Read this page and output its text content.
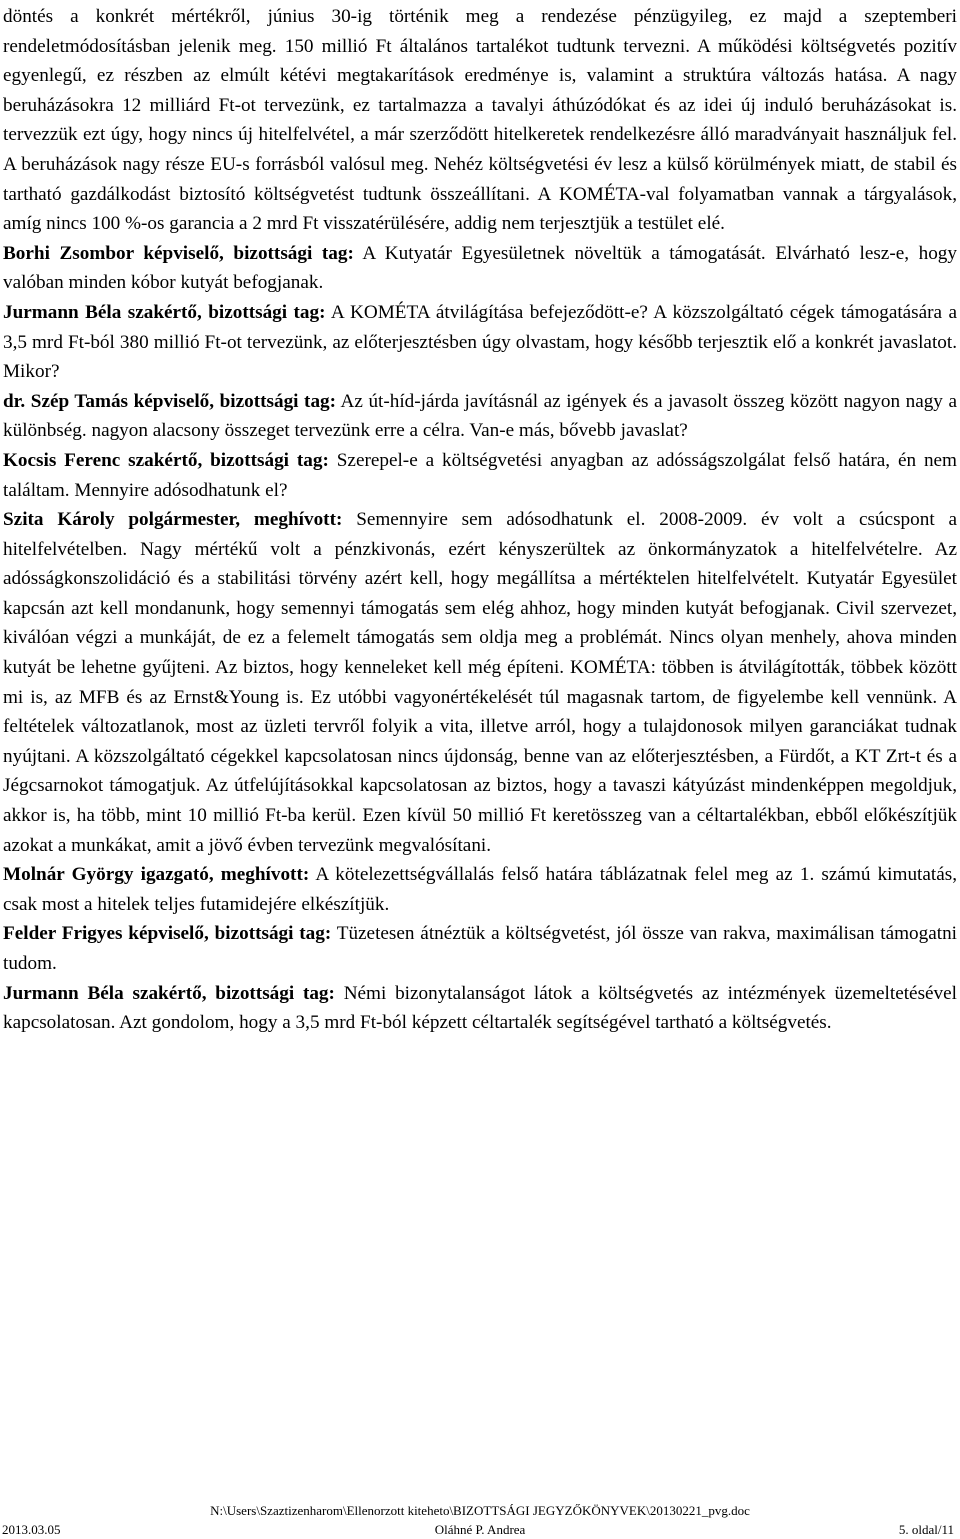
döntés a konkrét mértékről, június 30-ig történik meg a rendezése pénzügyileg, ez majd a szeptemberi rendeletmódosításban jelenik meg. 150 millió Ft általános tartalékot tudtunk tervezni. A működési költségvetés pozitív egyenlegű, ez részben az elmúlt kétévi megtakarítások eredménye is, valamint a struktúra változás hatása. A nagy beruházásokra 12 milliárd Ft-ot tervezünk, ez tartalmazza a tavalyi áthúzódókat és az idei új induló beruházásokat is. tervezzük ezt úgy, hogy nincs új hitelfelvétel, a már szerződött hitelkeretek rendelkezésre álló maradványait használjuk fel. A beruházások nagy része EU-s forrásból valósul meg. Nehéz költségvetési év lesz a külső körülmények miatt, de stabil és tartható gazdálkodást biztosító költségvetést tudtunk összeállítani. A KOMÉTA-val folyamatban vannak a tárgyalások, amíg nincs 100 %-os garancia a 2 mrd Ft visszatérülésére, addig nem terjesztjük a testület elé.

Borhi Zsombor képviselő, bizottsági tag: A Kutyatár Egyesületnek növeltük a támogatását. Elvárható lesz-e, hogy valóban minden kóbor kutyát befogjanak.

Jurmann Béla szakértő, bizottsági tag: A KOMÉTA átvilágítása befejeződött-e? A közszolgáltató cégek támogatására a 3,5 mrd Ft-ból 380 millió Ft-ot tervezünk, az előterjesztésben úgy olvastam, hogy később terjesztik elő a konkrét javaslatot. Mikor?

dr. Szép Tamás képviselő, bizottsági tag: Az út-híd-járda javításnál az igények és a javasolt összeg között nagyon nagy a különbség. nagyon alacsony összeget tervezünk erre a célra. Van-e más, bővebb javaslat?

Kocsis Ferenc szakértő, bizottsági tag: Szerepel-e a költségvetési anyagban az adósságszolgálat felső határa, én nem találtam. Mennyire adósodhatunk el?

Szita Károly polgármester, meghívott: Semennyire sem adósodhatunk el. 2008-2009. év volt a csúcspont a hitelfelvételben. Nagy mértékű volt a pénzkivonás, ezért kényszerültek az önkormányzatok a hitelfelvételre. Az adósságkonszolidáció és a stabilitási törvény azért kell, hogy megállítsa a mértéktelen hitelfelvételt. Kutyatár Egyesület kapcsán azt kell mondanunk, hogy semennyi támogatás sem elég ahhoz, hogy minden kutyát befogjanak. Civil szervezet, kiválóan végzi a munkáját, de ez a felemelt támogatás sem oldja meg a problémát. Nincs olyan menhely, ahova minden kutyát be lehetne gyűjteni. Az biztos, hogy kenneleket kell még építeni. KOMÉTA: többen is átvilágították, többek között mi is, az MFB és az Ernst&Young is. Ez utóbbi vagyonértékelését túl magasnak tartom, de figyelembe kell vennünk. A feltételek változatlanok, most az üzleti tervről folyik a vita, illetve arról, hogy a tulajdonosok milyen garanciákat tudnak nyújtani. A közszolgáltató cégekkel kapcsolatosan nincs újdonság, benne van az előterjesztésben, a Fürdőt, a KT Zrt-t és a Jégcsarnokot támogatjuk. Az útfelújításokkal kapcsolatosan az biztos, hogy a tavaszi kátyúzást mindenképpen megoldjuk, akkor is, ha több, mint 10 millió Ft-ba kerül. Ezen kívül 50 millió Ft keretösszeg van a céltartalékban, ebből előkészítjük azokat a munkákat, amit a jövő évben tervezünk megvalósítani.

Molnár György igazgató, meghívott: A kötelezettségvállalás felső határa táblázatnak felel meg az 1. számú kimutatás, csak most a hitelek teljes futamidejére elkészítjük.

Felder Frigyes képviselő, bizottsági tag: Tüzetesen átnéztük a költségvetést, jól össze van rakva, maximálisan támogatni tudom.

Jurmann Béla szakértő, bizottsági tag: Némi bizonytalanságot látok a költségvetés az intézmények üzemeltetésével kapcsolatosan. Azt gondolom, hogy a 3,5 mrd Ft-ból képzett céltartalék segítségével tartható a költségvetés.

N:\Users\Szaztizenharom\Ellenorzott kiteheto\BIZOTTSÁGI JEGYZŐKÖNYVEK\20130221_pvg.doc
2013.03.05	Oláhné P. Andrea	5. oldal/11
